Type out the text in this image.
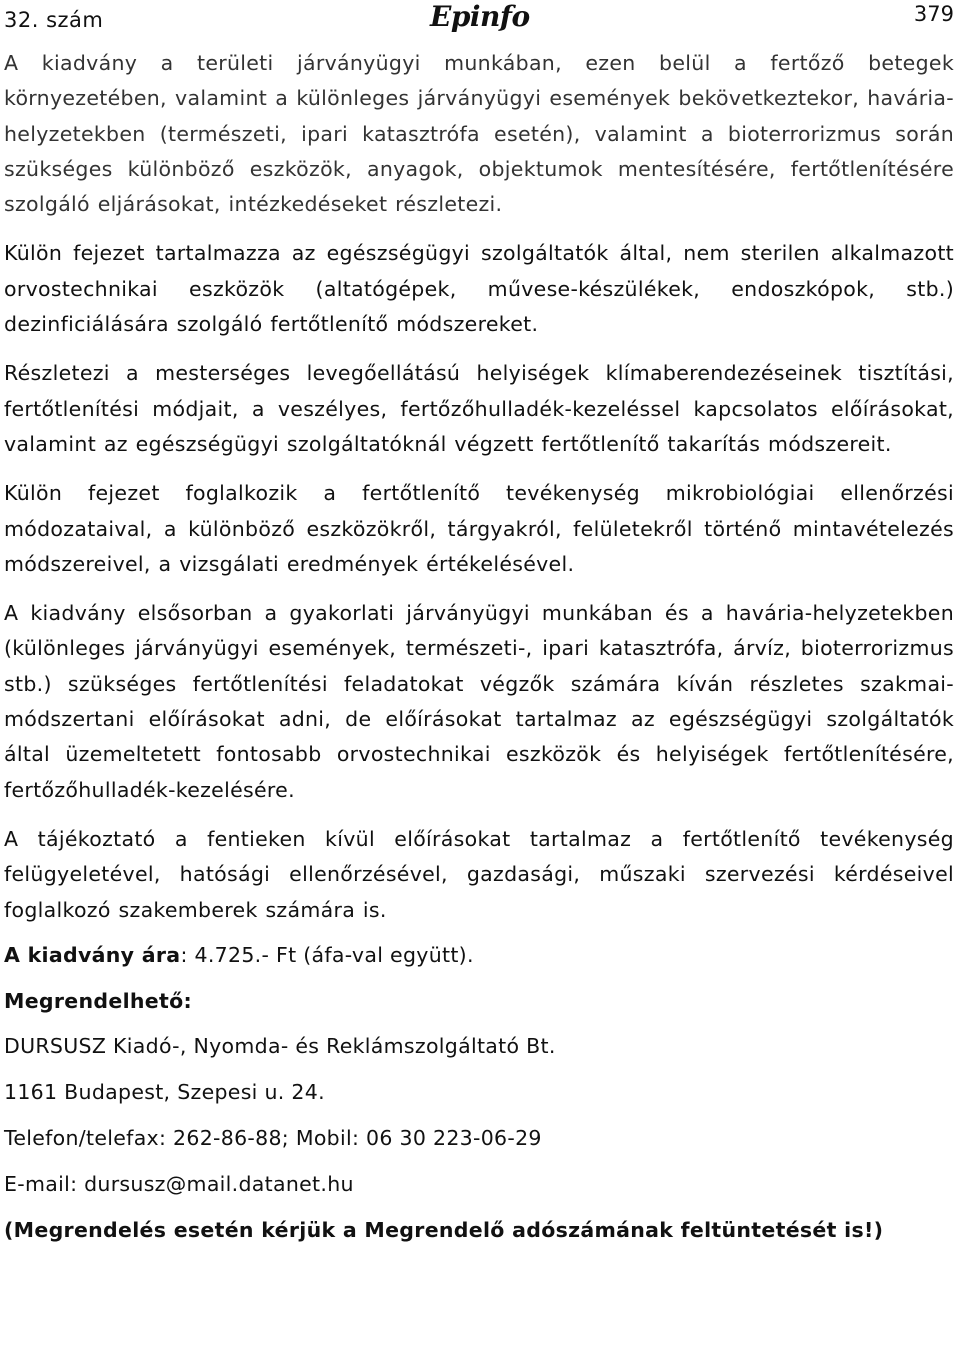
32. szám	Epinfo	379

A kiadvány a területi járványügyi munkában, ezen belül a fertőző betegek környezetében, valamint a különleges járványügyi események bekövetkeztekor, havária-helyzetekben (természeti, ipari katasztrófa esetén), valamint a bioterrorizmus során szükséges különböző eszközök, anyagok, objektumok mentesítésére, fertőtlenítésére szolgáló eljárásokat, intézkedéseket részletezi.

Külön fejezet tartalmazza az egészségügyi szolgáltatók által, nem sterilen alkalmazott orvostechnikai eszközök (altatógépek, művese-készülékek, endoszkópok, stb.) dezinficiálására szolgáló fertőtlenítő módszereket.

Részletezi a mesterséges levegőellátású helyiségek klímaberendezéseinek tisztítási, fertőtlenítési módjait, a veszélyes, fertőzőhulladék-kezeléssel kapcsolatos előírásokat, valamint az egészségügyi szolgáltatóknál végzett fertőtlenítő takarítás módszereit.

Külön fejezet foglalkozik a fertőtlenítő tevékenység mikrobiológiai ellenőrzési módozataival, a különböző eszközökről, tárgyakról, felületekről történő mintavételezés módszereivel, a vizsgálati eredmények értékelésével.

A kiadvány elsősorban a gyakorlati járványügyi munkában és a havária-helyzetekben (különleges járványügyi események, természeti-, ipari katasztrófa, árvíz, bioterrorizmus stb.) szükséges fertőtlenítési feladatokat végzők számára kíván részletes szakmai-módszertani előírásokat adni, de előírásokat tartalmaz az egészségügyi szolgáltatók által üzemeltetett fontosabb orvostechnikai eszközök és helyiségek fertőtlenítésére, fertőzőhulladék-kezelésére.

A tájékoztató a fentieken kívül előírásokat tartalmaz a fertőtlenítő tevékenység felügyeletével, hatósági ellenőrzésével, gazdasági, műszaki szervezési kérdéseivel foglalkozó szakemberek számára is.

A kiadvány ára: 4.725.- Ft (áfa-val együtt).
Megrendelhető:
DURSUSZ Kiadó-, Nyomda- és Reklámszolgáltató Bt.
1161 Budapest, Szepesi u. 24.
Telefon/telefax: 262-86-88; Mobil: 06 30 223-06-29
E-mail: dursusz@mail.datanet.hu
(Megrendelés esetén kérjük a Megrendelő adószámának feltüntetését is!)
